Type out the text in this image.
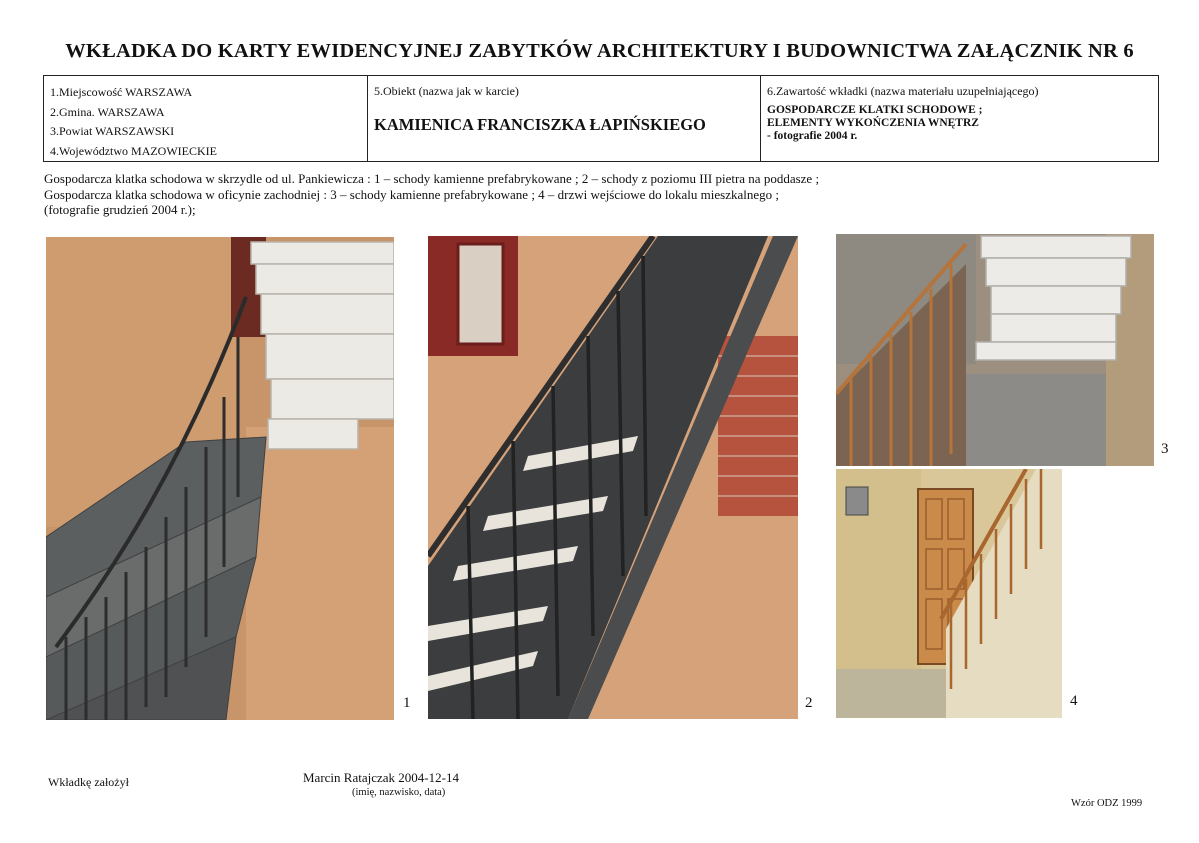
WKŁADKA DO KARTY EWIDENCYJNEJ ZABYTKÓW ARCHITEKTURY I BUDOWNICTWA ZAŁĄCZNIK NR 6
1.Miejscowość WARSZAWA
2.Gmina. WARSZAWA
3.Powiat WARSZAWSKI
4.Województwo MAZOWIECKIE
5.Obiekt (nazwa jak w karcie)
KAMIENICA FRANCISZKA ŁAPIŃSKIEGO
6.Zawartość wkładki (nazwa materiału uzupełniającego)
GOSPODARCZE KLATKI SCHODOWE ;
ELEMENTY WYKOŃCZENIA WNĘTRZ
- fotografie 2004 r.
Gospodarcza klatka schodowa w skrzydle od ul. Pankiewicza : 1 – schody kamienne prefabrykowane ; 2 – schody z poziomu III pietra na poddasze ;
Gospodarcza klatka schodowa w oficynie zachodniej : 3 – schody kamienne prefabrykowane ; 4 – drzwi wejściowe do lokalu mieszkalnego ;
(fotografie grudzień 2004 r.);
1	2
3
4
Wkładkę założył	Marcin Ratajczak 2004-12-14
(imię, nazwisko, data)
Wzór ODZ 1999
